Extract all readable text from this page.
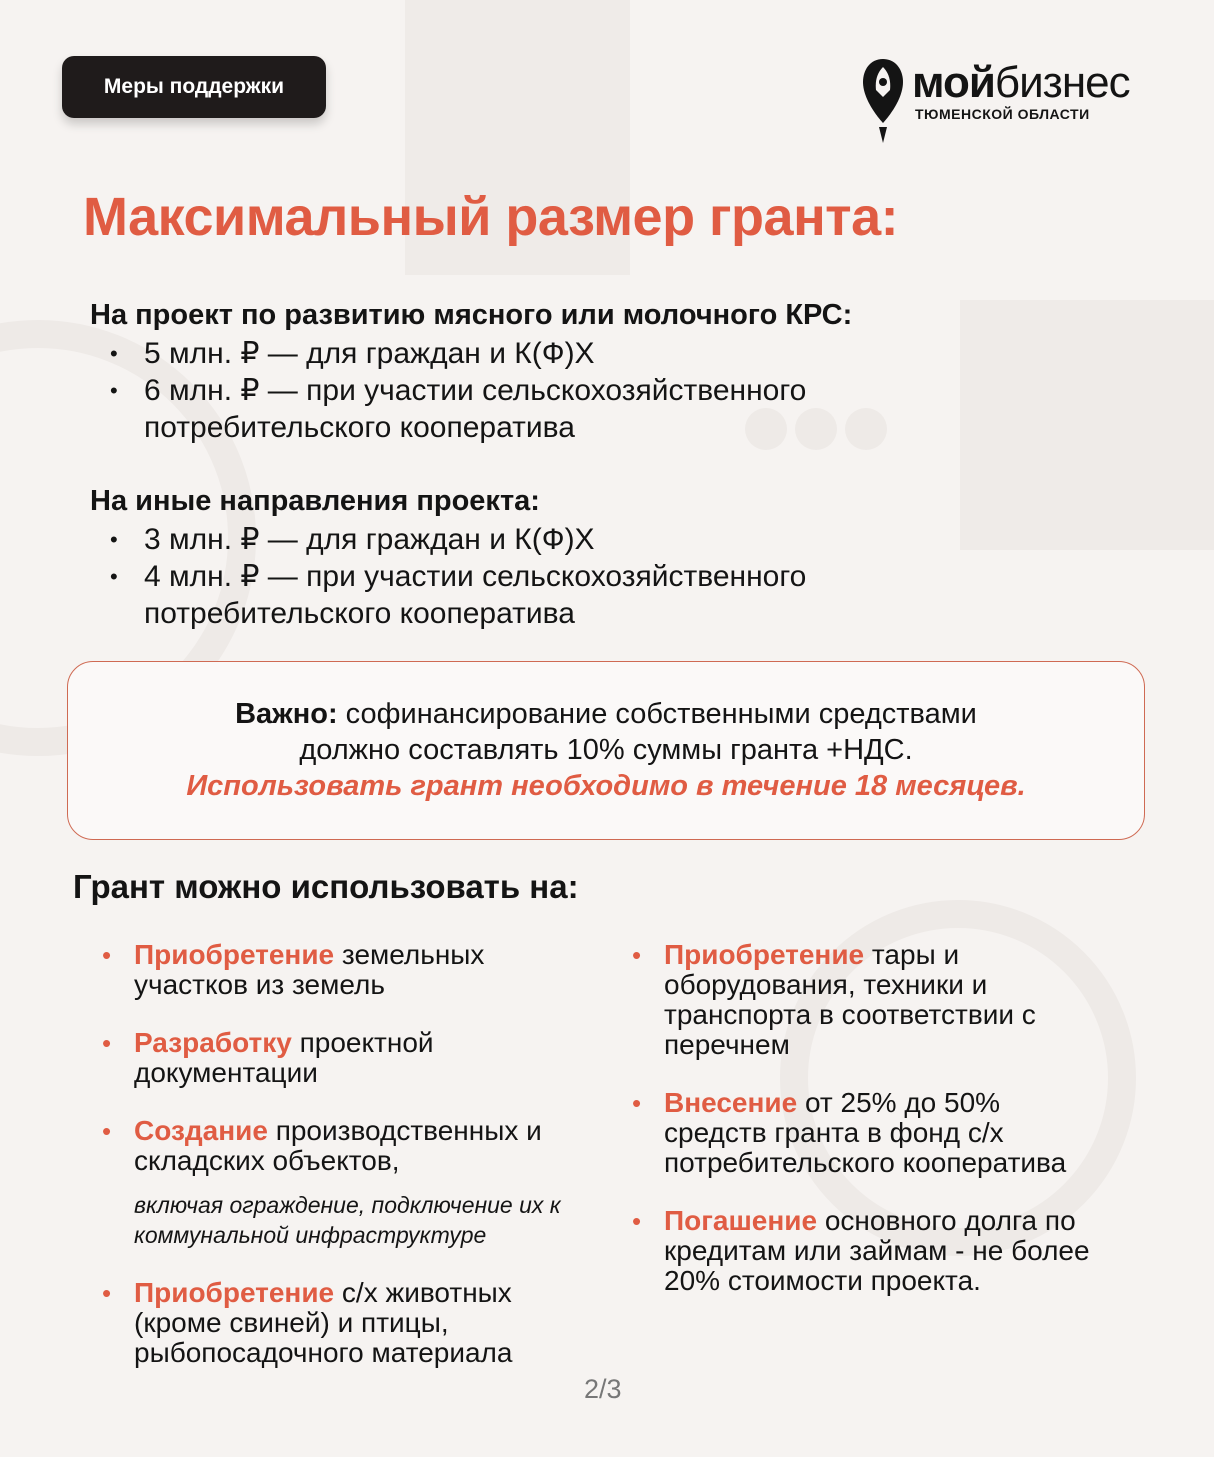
Меры поддержки	мойбизнес
ТЮМЕНСКОЙ ОБЛАСТИ
Максимальный размер гранта:
На проект по развитию мясного или молочного КРС:
• 5 млн. ₽ — для граждан и К(Ф)Х
• 6 млн. ₽ — при участии сельскохозяйственного потребительского кооператива
На иные направления проекта:
• 3 млн. ₽ — для граждан и К(Ф)Х
• 4 млн. ₽ — при участии сельскохозяйственного потребительского кооператива
Важно: софинансирование собственными средствами
должно составлять 10% суммы гранта +НДС.
Использовать грант необходимо в течение 18 месяцев.
Грант можно использовать на:
• Приобретение земельных участков из земель
• Разработку проектной документации
• Создание производственных и складских объектов,
включая ограждение, подключение их к коммунальной инфраструктуре
• Приобретение с/х животных (кроме свиней) и птицы, рыбопосадочного материала
• Приобретение тары и оборудования, техники и транспорта в соответствии с перечнем
• Внесение от 25% до 50% средств гранта в фонд с/х потребительского кооператива
• Погашение основного долга по кредитам или займам - не более 20% стоимости проекта.
2/3
